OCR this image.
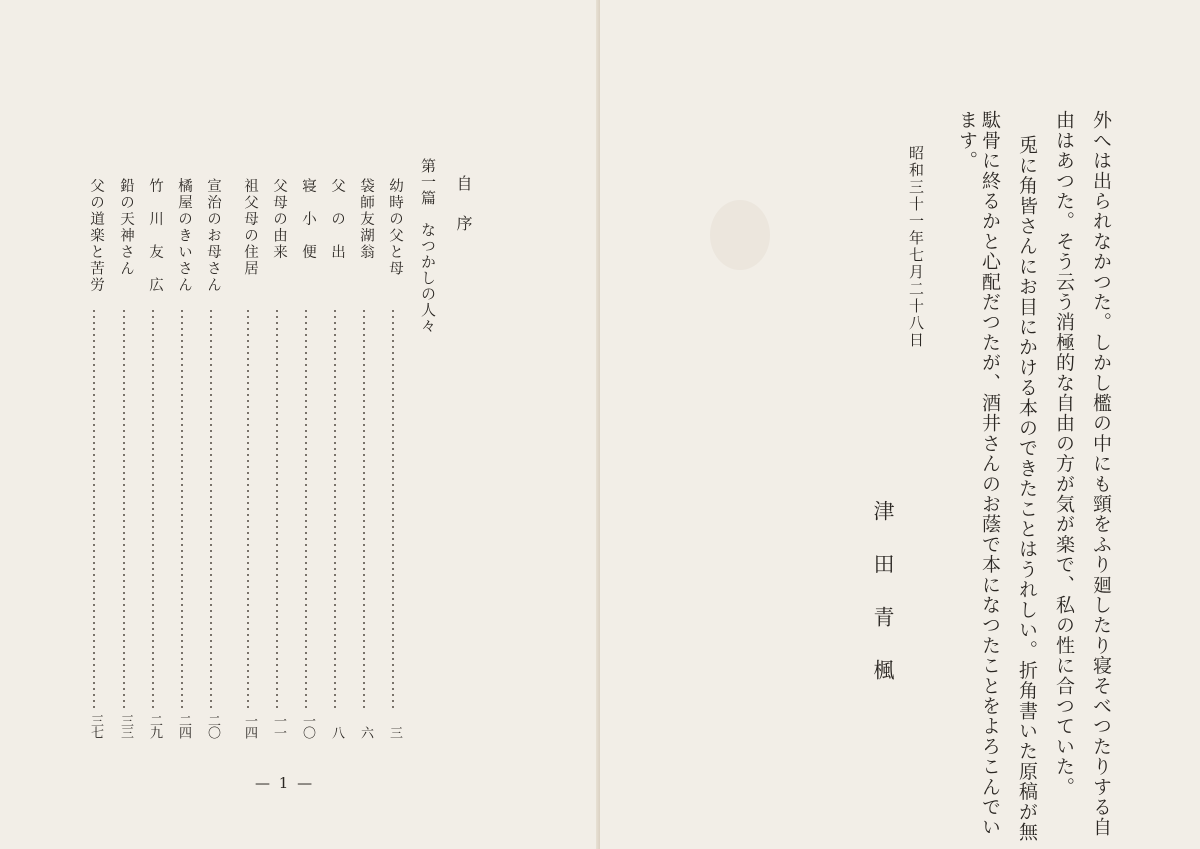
自序
第一篇　なつかしの人々
幼時の父と母
三
袋師友湖翁
六
父　の　出
八
寝　小　便
一〇
父母の由来
一一
祖父母の住居
一四
宣治のお母さん
二〇
橘屋のきいさん
二四
竹　川　友　広
二九
鉛の天神さん
三三
父の道楽と苦労
三七
— 1 —	外へは出られなかつた。しかし檻の中にも頸をふり廻したり寝そべつたりする自
由はあつた。そう云う消極的な自由の方が気が楽で、私の性に合つていた。
兎に角皆さんにお目にかける本のできたことはうれしい。折角書いた原稿が無
駄骨に終るかと心配だつたが、酒井さんのお蔭で本になつたことをよろこんでい
ます。
昭和三十一年七月二十八日
津田青楓
